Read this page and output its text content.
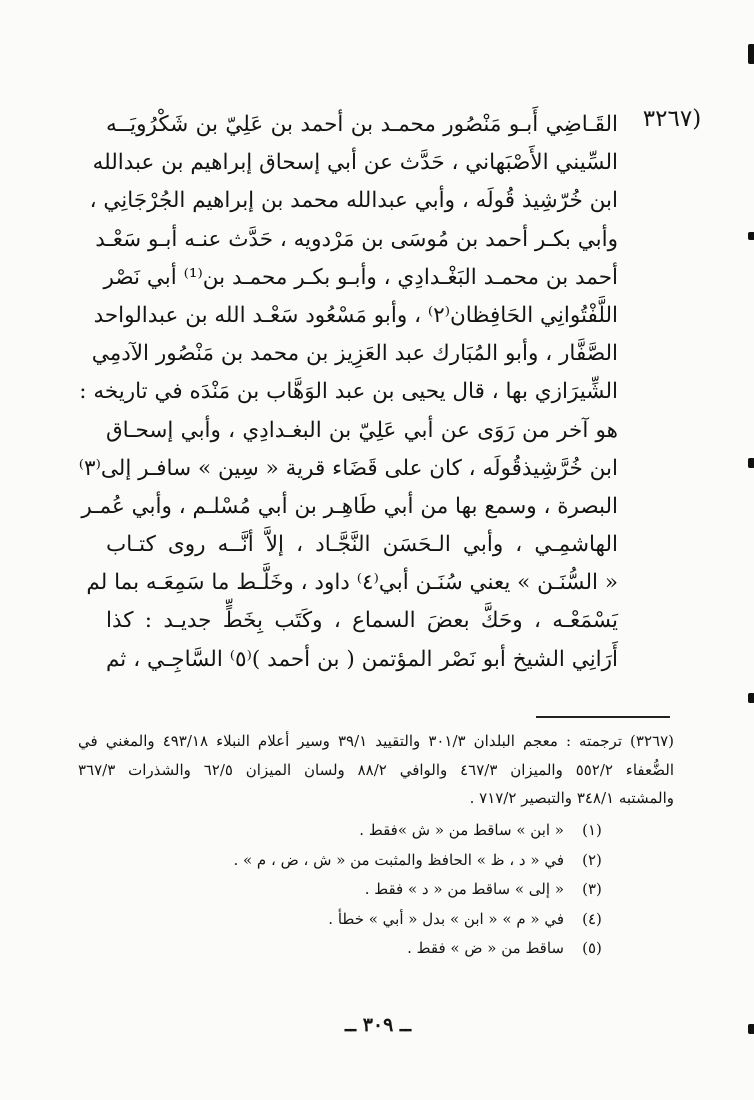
(٣٢٦٧
القَـاضِي أَبـو مَنْصُور محمـد بن أحمد بن عَلِيّ بن شَكْرُويَــه
السِّيني الأَصْبَهاني ، حَدَّث عن أبي إسحاق إبراهيم بن عبدالله
ابن خُرّشِيذ قُولَه ، وأبي عبدالله محمد بن إبراهيم الجُرْجَانِي ،
وأبي بكـر أحمد بن مُوسَى بن مَرْدويه ، حَدَّث عنـه أبـو سَعْـد
أحمد بن محمـد البَغْـدادِي ، وأبـو بكـر محمـد بن⁽¹⁾ أبي نَصْر
اللَّفْتُوانِي الحَافِظان⁽٢⁾ ، وأبو مَسْعُود سَعْـد الله بن عبدالواحد
الصَّفَّار ، وأبو المُبَارك عبد العَزِيز بن محمد بن مَنْصُور الآدمِي
الشِّيرَازي بها ، قال يحيى بن عبد الوَهَّاب بن مَنْدَه في تاريخه :
هو آخر من رَوَى عن أبي عَلِيّ بن البغـدادِي ، وأبي إسحـاق
ابن خُرَّشِيذقُولَه ، كان على قَضَاء قرية « سِين » سافـر إلى⁽٣⁾
البصرة ، وسمع بها من أبي طَاهِـر بن أبي مُسْلـم ، وأبي عُمـر
الهاشمِـي ، وأبي الـحَسَن النَّجَّـاد ، إلاَّ أنَّــه روى كتـاب
« السُّنَـن » يعني سُنَـن أبي⁽٤⁾ داود ، وخَلَّـط ما سَمِعَـه بما لم
يَسْمَعْـه ، وحَكَّ بعضَ السماع ، وكَتَب بِخَطٍّ جديـد : كذا
أَرَانِي الشيخ أبو نَصْر المؤتمن ( بن أحمد )⁽٥⁾ السَّاجِـي ، ثم
(٣٢٦٧) ترجمته : معجم البلدان ٣٠١/٣ والتقييد ٣٩/١ وسير أعلام النبلاء ٤٩٣/١٨ والمغني في
الضُّعفاء ٥٥٢/٢ والميزان ٤٦٧/٣ والوافي ٨٨/٢ ولسان الميزان ٦٢/٥ والشذرات ٣٦٧/٣
والمشتبه ٣٤٨/١ والتبصير ٧١٧/٢ .
(١)« ابن » ساقط من « ش »فقط .
(٢)في « د ، ظ » الحافظ والمثبت من « ش ، ض ، م » .
(٣)« إلى » ساقط من « د » فقط .
(٤)في « م » « ابن » بدل « أبي » خطأ .
(٥)ساقط من « ض » فقط .
ــ ٣٠٩ ــ
